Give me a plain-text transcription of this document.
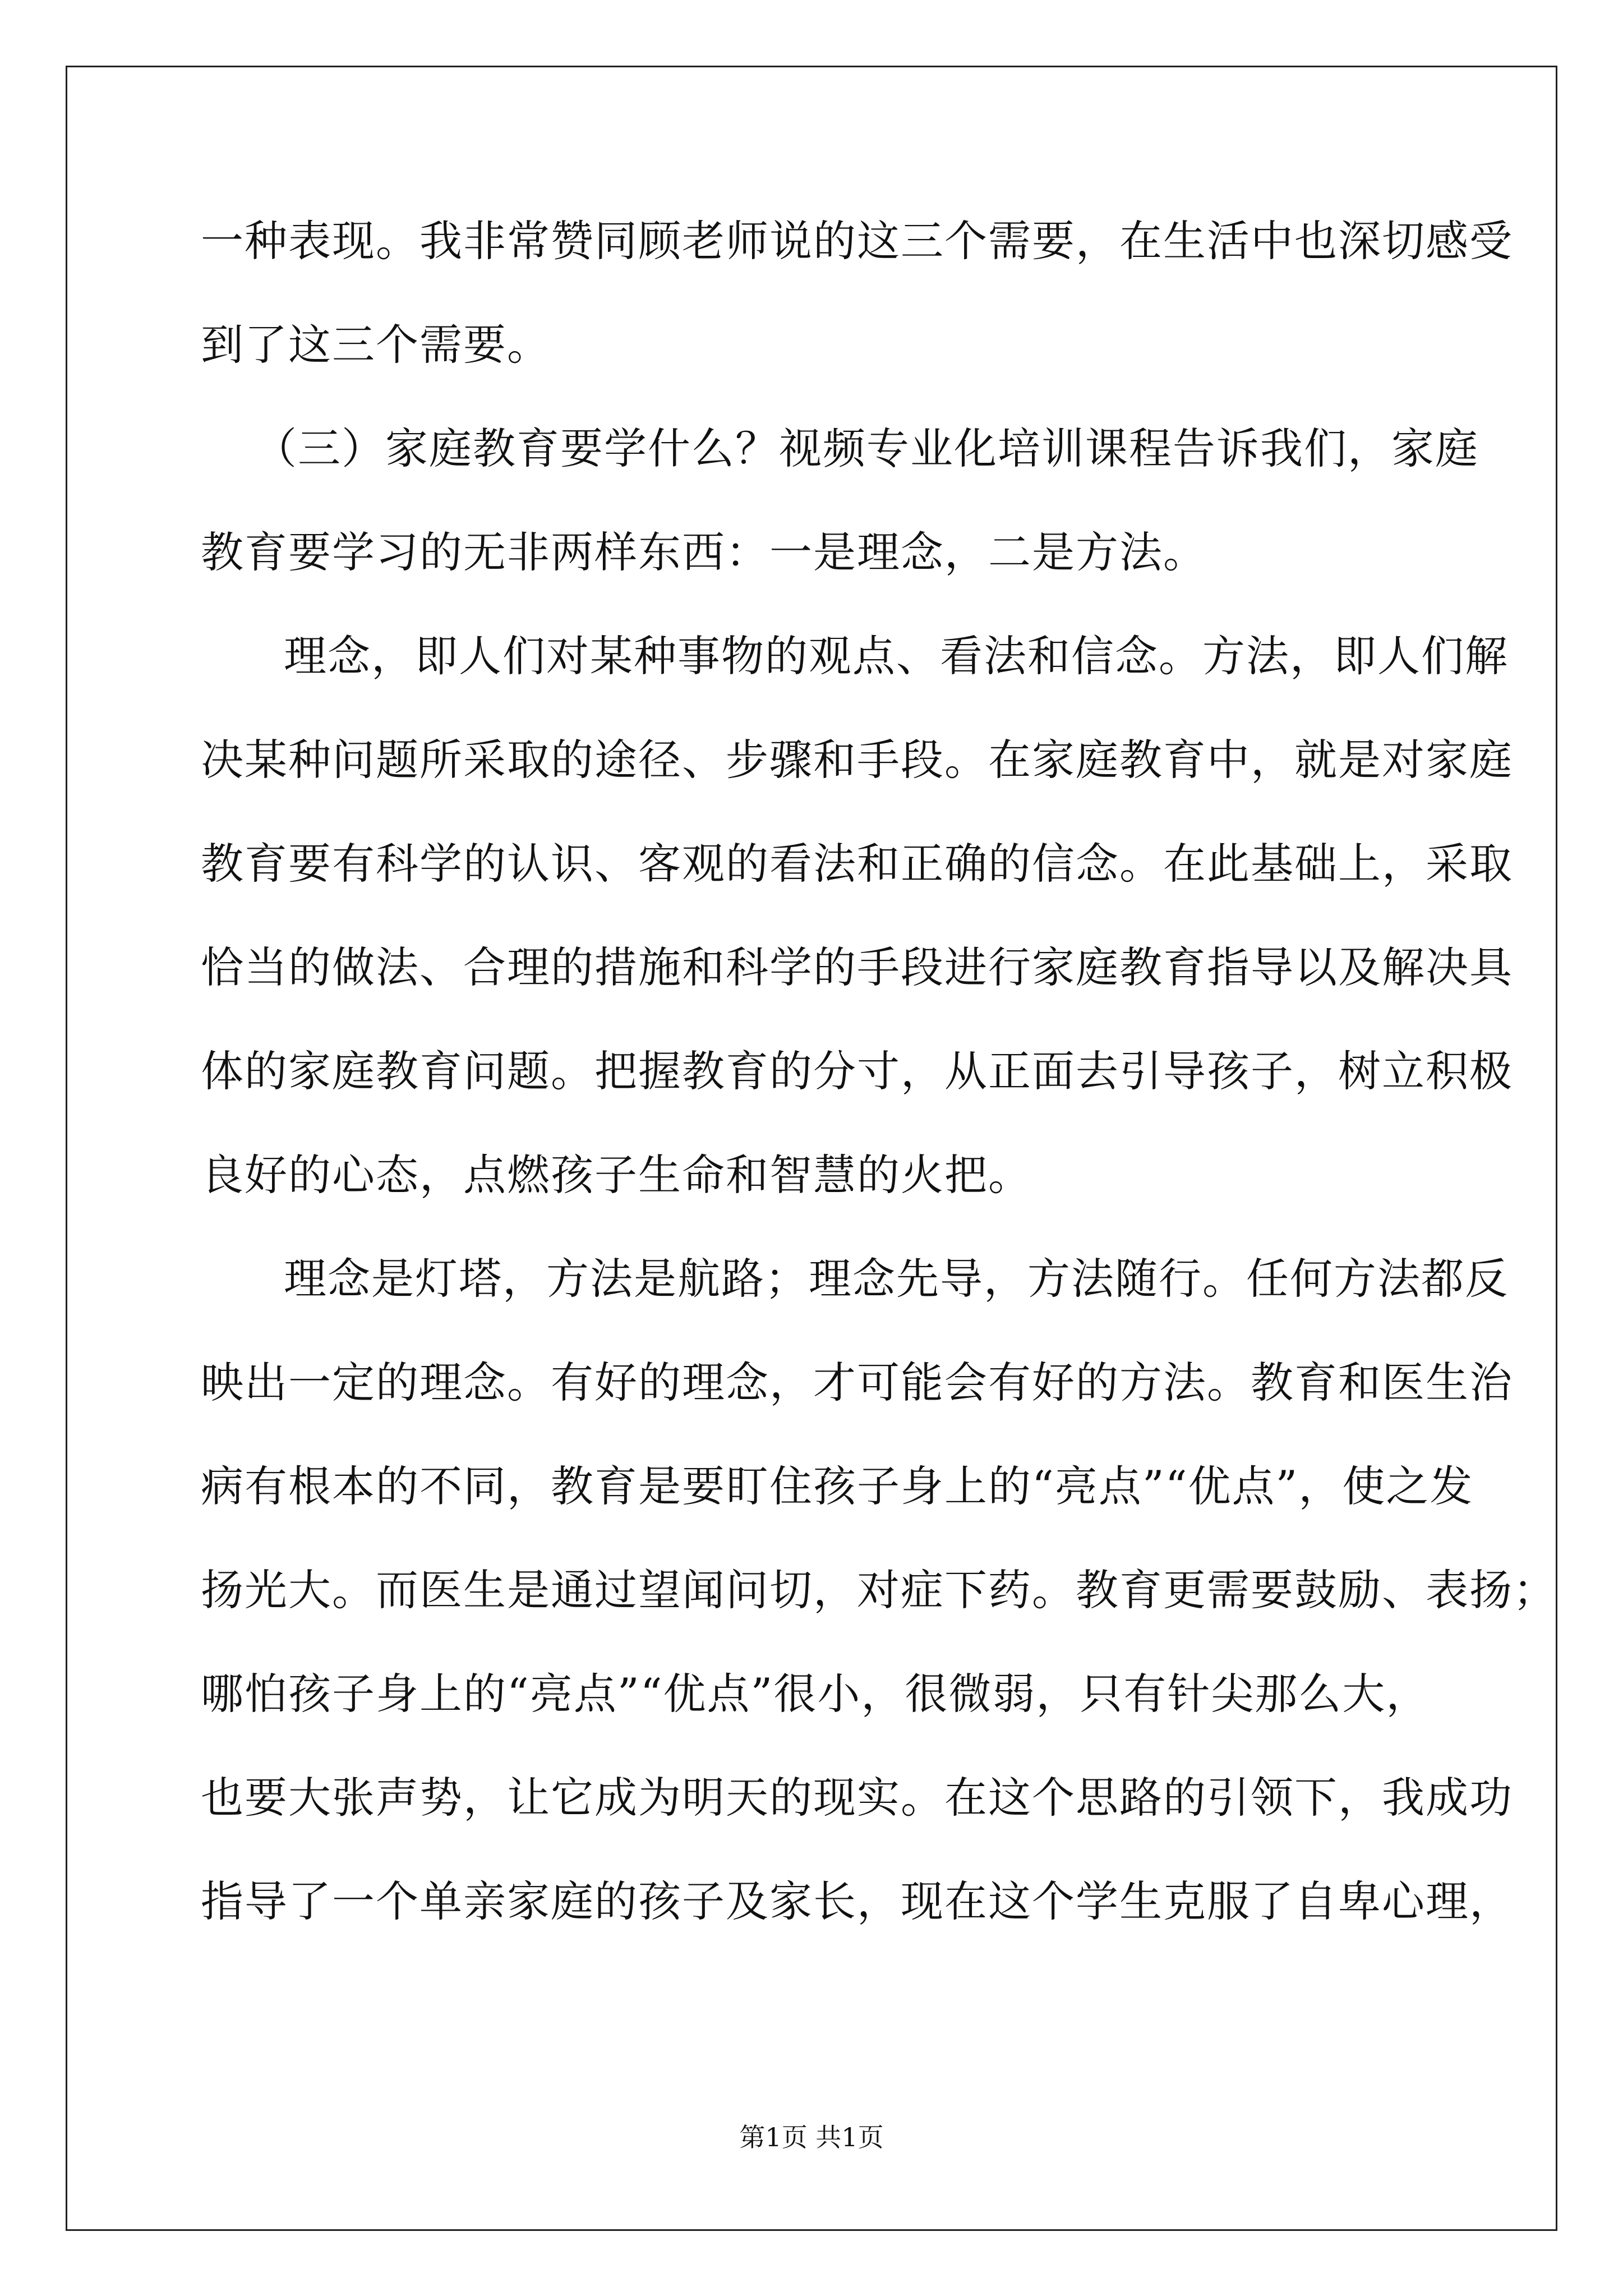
一种表现。我非常赞同顾老师说的这三个需要，在生活中也深切感受
到了这三个需要。
（三）家庭教育要学什么？视频专业化培训课程告诉我们，家庭
教育要学习的无非两样东西：一是理念，二是方法。
理念，即人们对某种事物的观点、看法和信念。方法，即人们解
决某种问题所采取的途径、步骤和手段。在家庭教育中，就是对家庭
教育要有科学的认识、客观的看法和正确的信念。在此基础上，采取
恰当的做法、合理的措施和科学的手段进行家庭教育指导以及解决具
体的家庭教育问题。把握教育的分寸，从正面去引导孩子，树立积极
良好的心态，点燃孩子生命和智慧的火把。
理念是灯塔，方法是航路；理念先导，方法随行。任何方法都反
映出一定的理念。有好的理念，才可能会有好的方法。教育和医生治
病有根本的不同，教育是要盯住孩子身上的“亮点”“优点”，使之发
扬光大。而医生是通过望闻问切，对症下药。教育更需要鼓励、表扬；
哪怕孩子身上的“亮点”“优点”很小，很微弱，只有针尖那么大，
也要大张声势，让它成为明天的现实。在这个思路的引领下，我成功
指导了一个单亲家庭的孩子及家长，现在这个学生克服了自卑心理，
第1页 共1页
